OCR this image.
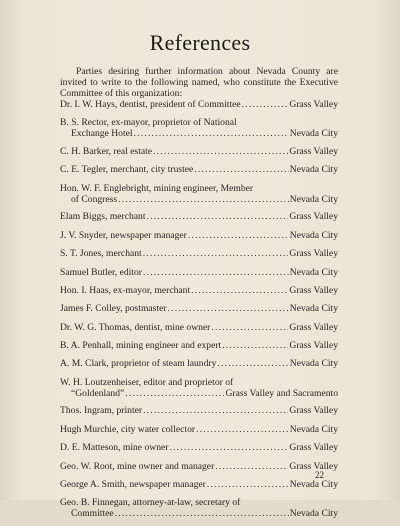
References

Parties desiring further information about Nevada County are invited to write to the following named, who constitute the Executive Committee of this organization:

Dr. I. W. Hays, dentist, president of Committee .....	Grass Valley
B. S. Rector, ex-mayor, proprietor of National
Exchange Hotel .....	Nevada City
C. H. Barker, real estate .....	Grass Valley
C. E. Tegler, merchant, city trustee .....	Nevada City
Hon. W. F. Englebright, mining engineer, Member
of Congress .....	Nevada City
Elam Biggs, merchant .....	Grass Valley
J. V. Snyder, newspaper manager .....	Nevada City
S. T. Jones, merchant .....	Grass Valley
Samuel Butler, editor .....	Nevada City
Hon. I. Haas, ex-mayor, merchant .....	Grass Valley
James F. Colley, postmaster .....	Nevada City
Dr. W. G. Thomas, dentist, mine owner .....	Grass Valley
B. A. Penhall, mining engineer and expert .....	Grass Valley
A. M. Clark, proprietor of steam laundry .....	Nevada City
W. H. Loutzenheiser, editor and proprietor of
“Goldenland” .....	Grass Valley and Sacramento
Thos. Ingram, printer .....	Grass Valley
Hugh Murchie, city water collector .....	Nevada City
D. E. Matteson, mine owner .....	Grass Valley
Geo. W. Root, mine owner and manager .....	Grass Valley
George A. Smith, newspaper manager .....	Nevada City
Geo. B. Finnegan, attorney-at-law, secretary of
Committee .....	Nevada City
22
